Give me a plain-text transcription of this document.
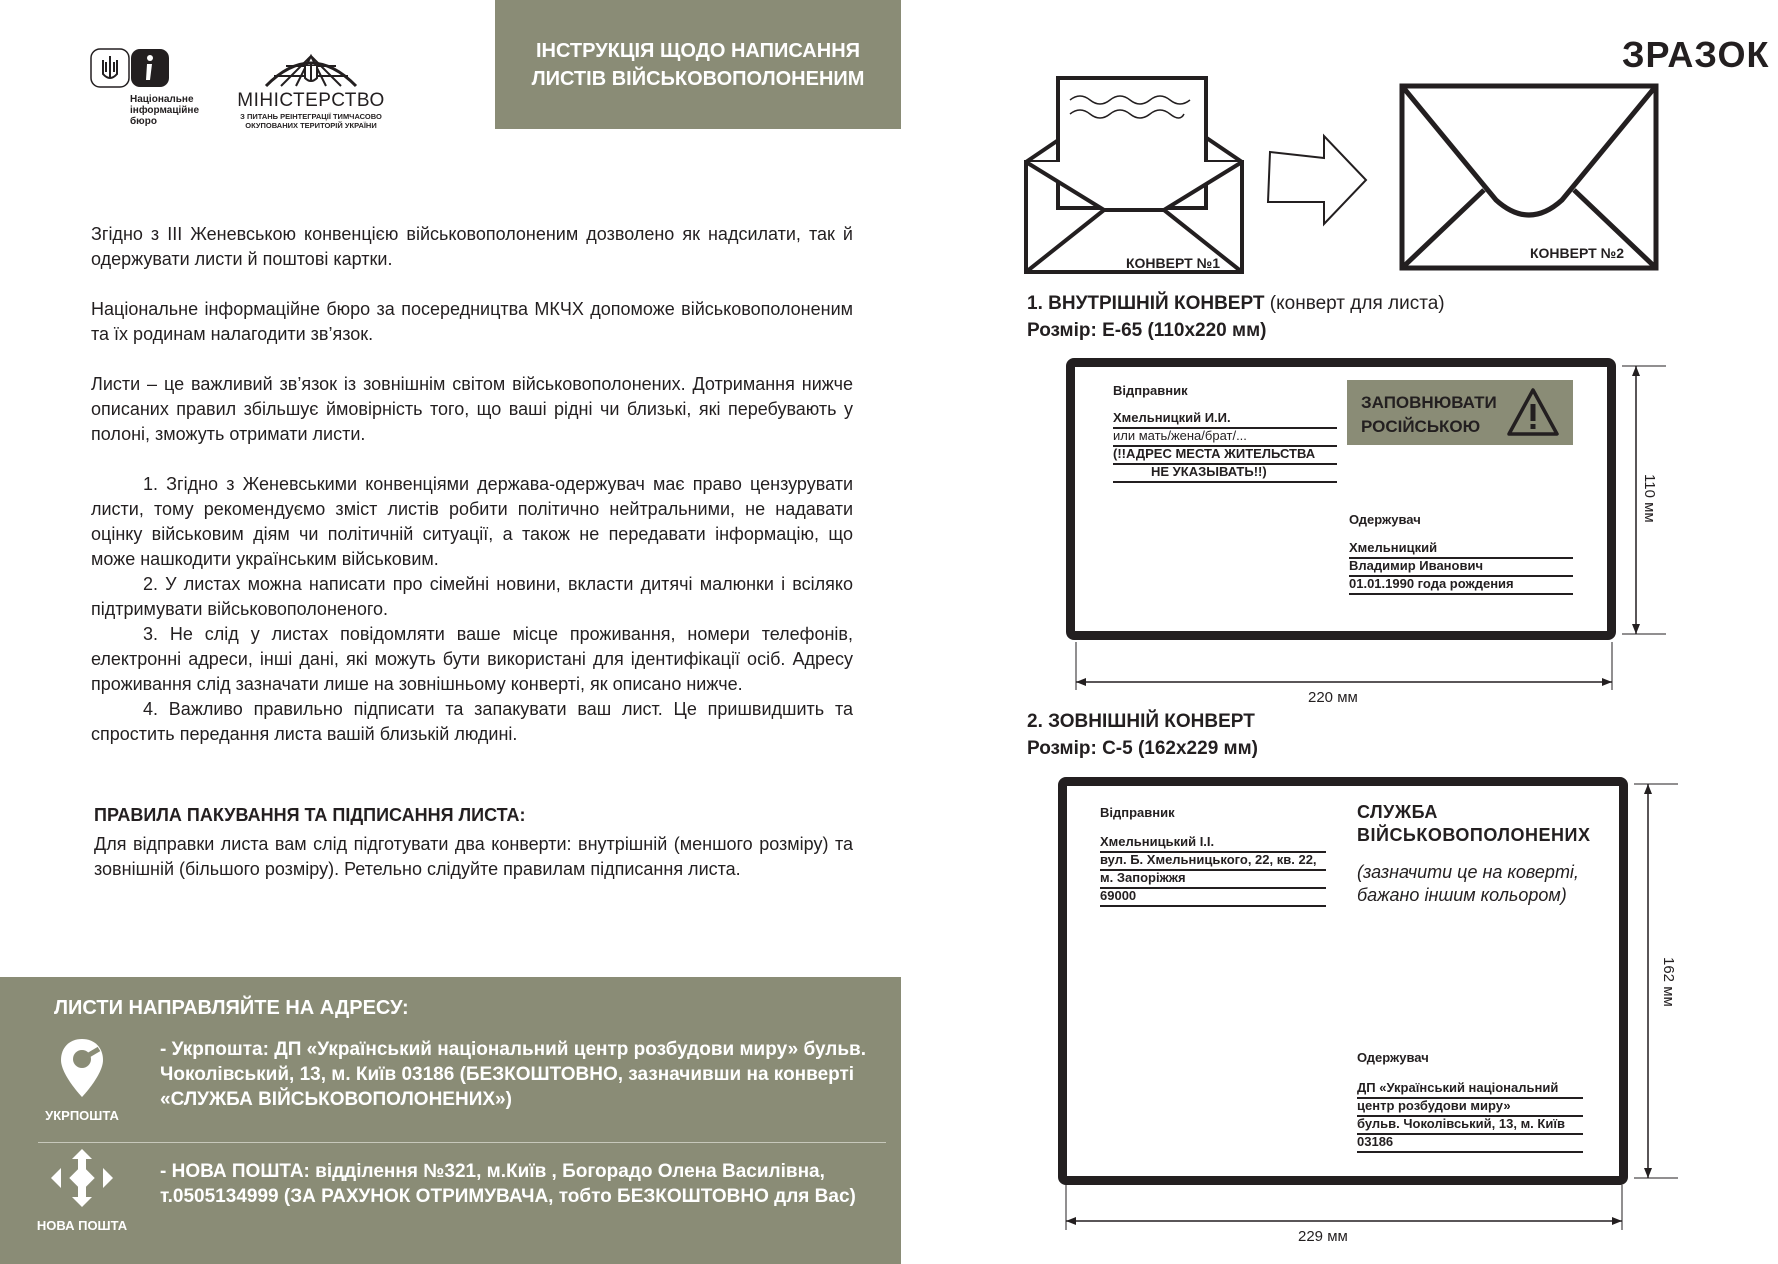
Національне
інформаційне
бюро
МІНІСТЕРСТВО
З ПИТАНЬ РЕІНТЕГРАЦІЇ ТИМЧАСОВО
ОКУПОВАНИХ ТЕРИТОРІЙ УКРАЇНИ
ІНСТРУКЦІЯ ЩОДО НАПИСАННЯ
ЛИСТІВ ВІЙСЬКОВОПОЛОНЕНИМ

Згідно з III Женевською конвенцією військовополоненим дозволено як надсилати, так й одержувати листи й поштові картки.

Національне інформаційне бюро за посередництва МКЧХ допоможе військовополоненим та їх родинам налагодити зв’язок.

Листи – це важливий зв’язок із зовнішнім світом військовополонених. Дотримання нижче описаних правил збільшує ймовірність того, що ваші рідні чи близькі, які перебувають у полоні, зможуть отримати листи.

1. Згідно з Женевськими конвенціями держава-одержувач має право цензурувати листи, тому рекомендуємо зміст листів робити політично нейтральними, не надавати оцінку військовим діям чи політичній ситуації, а також не передавати інформацію, що може нашкодити українським військовим.

2. У листах можна написати про сімейні новини, вкласти дитячі малюнки і всіляко підтримувати військовополоненого.

3. Не слід у листах повідомляти ваше місце проживання, номери телефонів, електронні адреси, інші дані, які можуть бути використані для ідентифікації осіб. Адресу проживання слід зазначати лише на зовнішньому конверті, як описано нижче.

4. Важливо правильно підписати та запакувати ваш лист. Це пришвидшить та спростить передання листа вашій близькій людині.

ПРАВИЛА ПАКУВАННЯ ТА ПІДПИСАННЯ ЛИСТА:
Для відправки листа вам слід підготувати два конверти: внутрішній (меншого розміру) та зовнішній (більшого розміру). Ретельно слідуйте правилам підписання листа.
ЛИСТИ НАПРАВЛЯЙТЕ НА АДРЕСУ:
УКРПОШТА
- Укрпошта: ДП «Український національний центр розбудови миру» бульв. Чоколівський, 13, м. Київ 03186 (БЕЗКОШТОВНО, зазначивши на конверті «СЛУЖБА ВІЙСЬКОВОПОЛОНЕНИХ»)
НОВА ПОШТА
- НОВА ПОШТА: відділення №321, м.Київ , Богорадо Олена Василівна, т.0505134999 (ЗА РАХУНОК ОТРИМУВАЧА, тобто БЕЗКОШТОВНО для Вас)
ЗРАЗОК
КОНВЕРТ №1
КОНВЕРТ №2
1. ВНУТРІШНІЙ КОНВЕРТ (конверт для листа)
Розмір: Е-65 (110х220 мм)
Відправник
Хмельницкий И.И.
или мать/жена/брат/...
(!!АДРЕС МЕСТА ЖИТЕЛЬСТВА
НЕ УКАЗЫВАТЬ!!)
ЗАПОВНЮВАТИ
РОСІЙСЬКОЮ
Одержувач
Хмельницкий
Владимир Иванович
01.01.1990 года рождения
220 мм
110 мм
2. ЗОВНІШНІЙ КОНВЕРТ
Розмір: С-5 (162х229 мм)
Відправник
Хмельницький І.І.
вул. Б. Хмельницького, 22, кв. 22,
м. Запоріжжя
69000
СЛУЖБА
ВІЙСЬКОВОПОЛОНЕНИХ
(зазначити це на коверті,
бажано іншим кольором)
Одержувач
ДП «Український національний
центр розбудови миру»
бульв. Чоколівський, 13, м. Київ
03186
229 мм
162 мм
